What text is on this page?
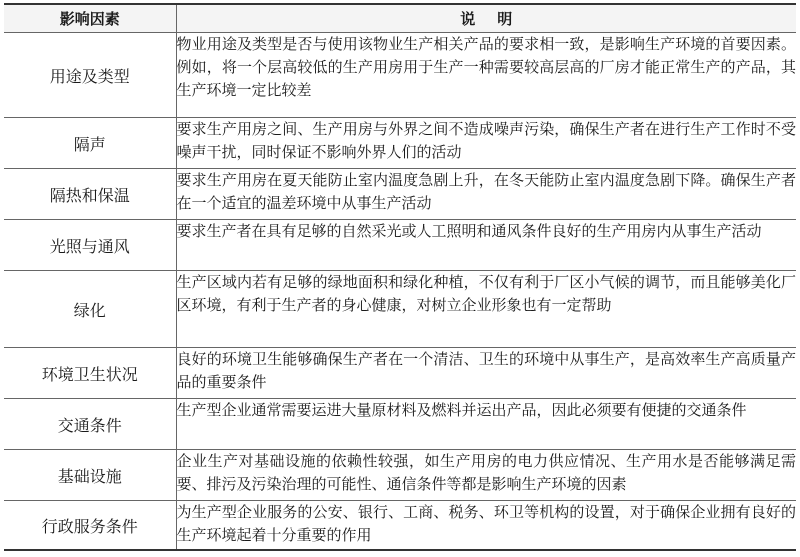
影响因素	说明
用途及类型	物业用途及类型是否与使用该物业生产相关产品的要求相一致，是影响生产环境的首要因素。例如，将一个层高较低的生产用房用于生产一种需要较高层高的厂房才能正常生产的产品，其生产环境一定比较差
隔声	要求生产用房之间、生产用房与外界之间不造成噪声污染，确保生产者在进行生产工作时不受噪声干扰，同时保证不影响外界人们的活动
隔热和保温	要求生产用房在夏天能防止室内温度急剧上升，在冬天能防止室内温度急剧下降。确保生产者在一个适宜的温差环境中从事生产活动
光照与通风	要求生产者在具有足够的自然采光或人工照明和通风条件良好的生产用房内从事生产活动
绿化	生产区域内若有足够的绿地面积和绿化种植，不仅有利于厂区小气候的调节，而且能够美化厂区环境，有利于生产者的身心健康，对树立企业形象也有一定帮助
环境卫生状况	良好的环境卫生能够确保生产者在一个清洁、卫生的环境中从事生产，是高效率生产高质量产品的重要条件
交通条件	生产型企业通常需要运进大量原材料及燃料并运出产品，因此必须要有便捷的交通条件
基础设施	企业生产对基础设施的依赖性较强，如生产用房的电力供应情况、生产用水是否能够满足需要、排污及污染治理的可能性、通信条件等都是影响生产环境的因素
行政服务条件	为生产型企业服务的公安、银行、工商、税务、环卫等机构的设置，对于确保企业拥有良好的生产环境起着十分重要的作用
